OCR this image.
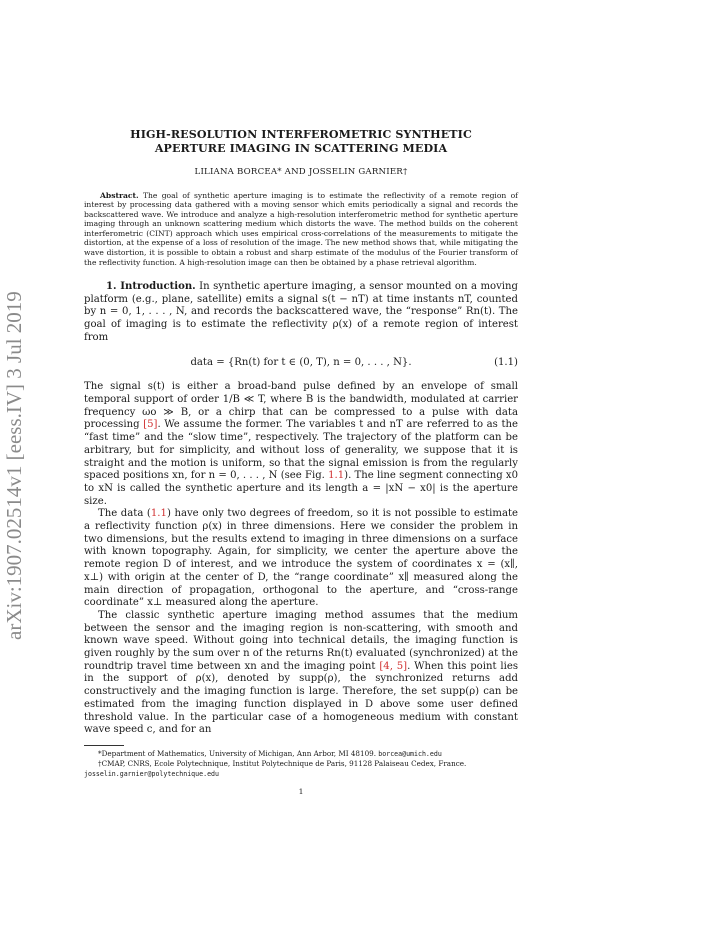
arXiv:1907.02514v1 [eess.IV] 3 Jul 2019
HIGH-RESOLUTION INTERFEROMETRIC SYNTHETIC
APERTURE IMAGING IN SCATTERING MEDIA
LILIANA BORCEA* AND JOSSELIN GARNIER†
Abstract. The goal of synthetic aperture imaging is to estimate the reflectivity of a remote region of interest by processing data gathered with a moving sensor which emits periodically a signal and records the backscattered wave. We introduce and analyze a high-resolution interferometric method for synthetic aperture imaging through an unknown scattering medium which distorts the wave. The method builds on the coherent interferometric (CINT) approach which uses empirical cross-correlations of the measurements to mitigate the distortion, at the expense of a loss of resolution of the image. The new method shows that, while mitigating the wave distortion, it is possible to obtain a robust and sharp estimate of the modulus of the Fourier transform of the reflectivity function. A high-resolution image can then be obtained by a phase retrieval algorithm.
1. Introduction. In synthetic aperture imaging, a sensor mounted on a moving platform (e.g., plane, satellite) emits a signal s(t − nT) at time instants nT, counted by n = 0, 1, . . . , N, and records the backscattered wave, the “response” Rn(t). The goal of imaging is to estimate the reflectivity ρ(x) of a remote region of interest from
data = {Rn(t) for t ∈ (0, T), n = 0, . . . , N}.	(1.1)

The signal s(t) is either a broad-band pulse defined by an envelope of small temporal support of order 1/B ≪ T, where B is the bandwidth, modulated at carrier frequency ωo ≫ B, or a chirp that can be compressed to a pulse with data processing [5]. We assume the former. The variables t and nT are referred to as the “fast time” and the “slow time”, respectively. The trajectory of the platform can be arbitrary, but for simplicity, and without loss of generality, we suppose that it is straight and the motion is uniform, so that the signal emission is from the regularly spaced positions xn, for n = 0, . . . , N (see Fig. 1.1). The line segment connecting x0 to xN is called the synthetic aperture and its length a = |xN − x0| is the aperture size.

The data (1.1) have only two degrees of freedom, so it is not possible to estimate a reflectivity function ρ(x) in three dimensions. Here we consider the problem in two dimensions, but the results extend to imaging in three dimensions on a surface with known topography. Again, for simplicity, we center the aperture above the remote region D of interest, and we introduce the system of coordinates x = (x∥, x⊥) with origin at the center of D, the “range coordinate” x∥ measured along the main direction of propagation, orthogonal to the aperture, and “cross-range coordinate” x⊥ measured along the aperture.

The classic synthetic aperture imaging method assumes that the medium between the sensor and the imaging region is non-scattering, with smooth and known wave speed. Without going into technical details, the imaging function is given roughly by the sum over n of the returns Rn(t) evaluated (synchronized) at the roundtrip travel time between xn and the imaging point [4, 5]. When this point lies in the support of ρ(x), denoted by supp(ρ), the synchronized returns add constructively and the imaging function is large. Therefore, the set supp(ρ) can be estimated from the imaging function displayed in D above some user defined threshold value. In the particular case of a homogeneous medium with constant wave speed c, and for an

*Department of Mathematics, University of Michigan, Ann Arbor, MI 48109. borcea@umich.edu
†CMAP, CNRS, Ecole Polytechnique, Institut Polytechnique de Paris, 91128 Palaiseau Cedex, France. josselin.garnier@polytechnique.edu
1
